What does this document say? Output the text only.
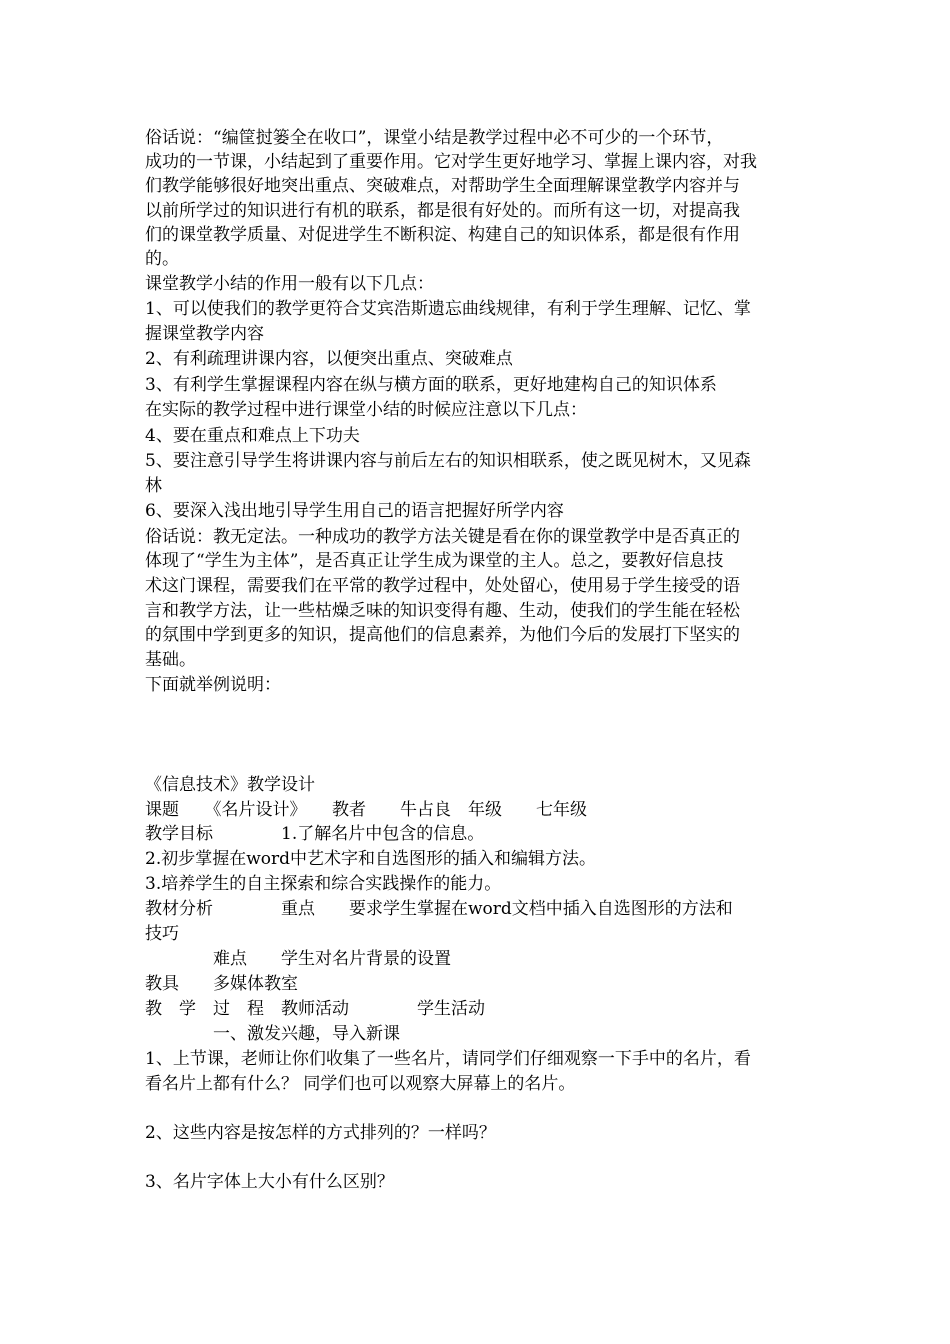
俗话说：“编筐挝篓全在收口”，课堂小结是教学过程中必不可少的一个环节，
成功的一节课，小结起到了重要作用。它对学生更好地学习、掌握上课内容，对我
们教学能够很好地突出重点、突破难点，对帮助学生全面理解课堂教学内容并与
以前所学过的知识进行有机的联系，都是很有好处的。而所有这一切，对提高我
们的课堂教学质量、对促进学生不断积淀、构建自己的知识体系，都是很有作用
的。
课堂教学小结的作用一般有以下几点：
1、可以使我们的教学更符合艾宾浩斯遗忘曲线规律，有利于学生理解、记忆、掌
握课堂教学内容
2、有利疏理讲课内容，以便突出重点、突破难点
3、有利学生掌握课程内容在纵与横方面的联系，更好地建构自己的知识体系
在实际的教学过程中进行课堂小结的时候应注意以下几点：
4、要在重点和难点上下功夫
5、要注意引导学生将讲课内容与前后左右的知识相联系，使之既见树木，又见森
林
6、要深入浅出地引导学生用自己的语言把握好所学内容
俗话说：教无定法。一种成功的教学方法关键是看在你的课堂教学中是否真正的
体现了“学生为主体”，是否真正让学生成为课堂的主人。总之，要教好信息技
术这门课程，需要我们在平常的教学过程中，处处留心，使用易于学生接受的语
言和教学方法，让一些枯燥乏味的知识变得有趣、生动，使我们的学生能在轻松
的氛围中学到更多的知识，提高他们的信息素养，为他们今后的发展打下坚实的
基础。
下面就举例说明：
《信息技术》教学设计
课题　　《名片设计》　　教者　　牛占良　年级　　七年级
教学目标　　　　1.了解名片中包含的信息。
2.初步掌握在word中艺术字和自选图形的插入和编辑方法。
3.培养学生的自主探索和综合实践操作的能力。
教材分析　　　　重点　　要求学生掌握在word文档中插入自选图形的方法和
技巧
　　　　难点　　学生对名片背景的设置
教具　　多媒体教室
教　学　过　程　教师活动　　　　学生活动
　　　　一、激发兴趣，导入新课
1、上节课，老师让你们收集了一些名片，请同学们仔细观察一下手中的名片，看
看名片上都有什么？ 同学们也可以观察大屏幕上的名片。
2、这些内容是按怎样的方式排列的？一样吗？
3、名片字体上大小有什么区别？
